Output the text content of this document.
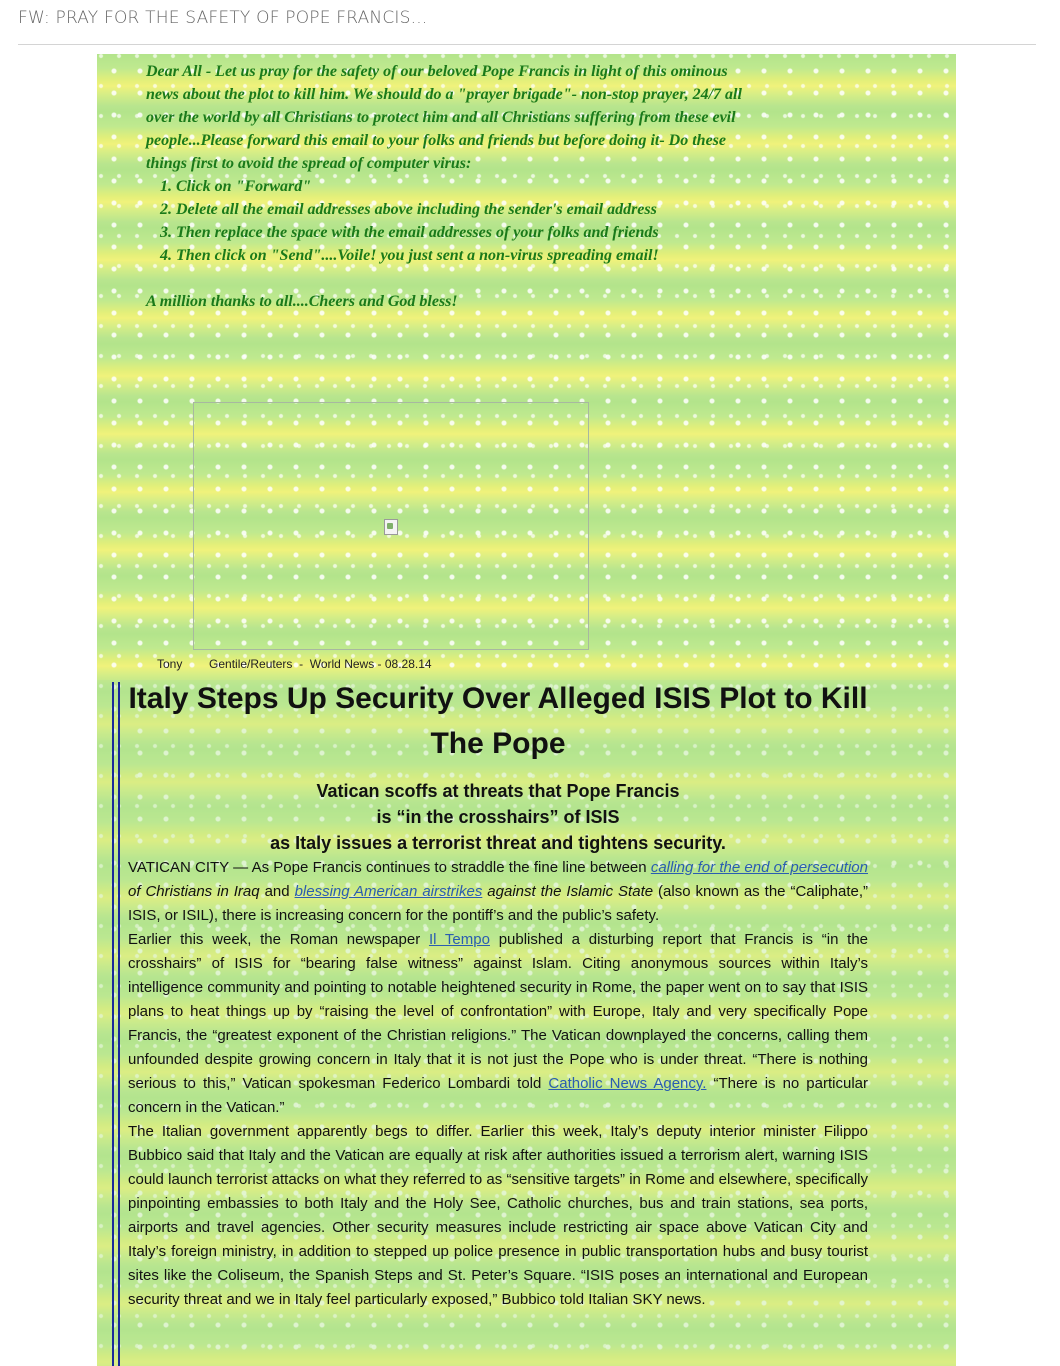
FW: PRAY FOR THE SAFETY OF POPE FRANCIS...

Dear All - Let us pray for the safety of our beloved Pope Francis in light of this ominous news about the plot to kill him. We should do a "prayer brigade"- non-stop prayer, 24/7 all over the world by all Christians to protect him and all Christians suffering from these evil people...Please forward this email to your folks and friends but before doing it- Do these things first to avoid the spread of computer virus:

1. Click on "Forward"
2. Delete all the email addresses above including the sender's email address
3. Then replace the space with the email addresses of your folks and friends
4. Then click on "Send"....Voile! you just sent a non-virus spreading email!

A million thanks to all....Cheers and God bless!

Tony Gentile/Reuters  -  World News - 08.28.14
Italy Steps Up Security Over Alleged ISIS Plot to Kill The Pope
Vatican scoffs at threats that Pope Francis
is “in the crosshairs” of ISIS
as Italy issues a terrorist threat and tightens security.

VATICAN CITY — As Pope Francis continues to straddle the fine line between calling for the end of persecution of Christians in Iraq and blessing American airstrikes against the Islamic State (also known as the “Caliphate,” ISIS, or ISIL), there is increasing concern for the pontiff’s and the public’s safety.

Earlier this week, the Roman newspaper Il Tempo published a disturbing report that Francis is “in the crosshairs” of ISIS for “bearing false witness” against Islam. Citing anonymous sources within Italy’s intelligence community and pointing to notable heightened security in Rome, the paper went on to say that ISIS plans to heat things up by “raising the level of confrontation” with Europe, Italy and very specifically Pope Francis, the “greatest exponent of the Christian religions.” The Vatican downplayed the concerns, calling them unfounded despite growing concern in Italy that it is not just the Pope who is under threat. “There is nothing serious to this,” Vatican spokesman Federico Lombardi told Catholic News Agency. “There is no particular concern in the Vatican.”

The Italian government apparently begs to differ. Earlier this week, Italy’s deputy interior minister Filippo Bubbico said that Italy and the Vatican are equally at risk after authorities issued a terrorism alert, warning ISIS could launch terrorist attacks on what they referred to as “sensitive targets” in Rome and elsewhere, specifically pinpointing embassies to both Italy and the Holy See, Catholic churches, bus and train stations, sea ports, airports and travel agencies. Other security measures include restricting air space above Vatican City and Italy’s foreign ministry, in addition to stepped up police presence in public transportation hubs and busy tourist sites like the Coliseum, the Spanish Steps and St. Peter’s Square. “ISIS poses an international and European security threat and we in Italy feel particularly exposed,” Bubbico told Italian SKY news.
